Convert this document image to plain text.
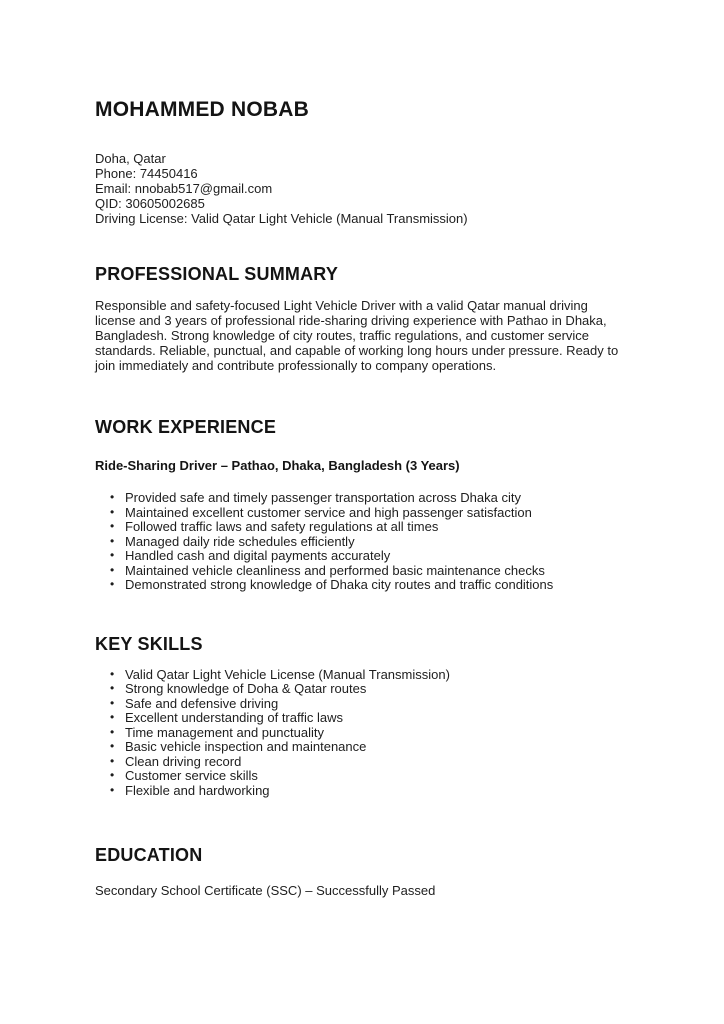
MOHAMMED NOBAB

Doha, Qatar

Phone: 74450416

Email: nnobab517@gmail.com

QID: 30605002685

Driving License: Valid Qatar Light Vehicle (Manual Transmission)

PROFESSIONAL SUMMARY

Responsible and safety-focused Light Vehicle Driver with a valid Qatar manual driving license and 3 years of professional ride-sharing driving experience with Pathao in Dhaka, Bangladesh. Strong knowledge of city routes, traffic regulations, and customer service standards. Reliable, punctual, and capable of working long hours under pressure. Ready to join immediately and contribute professionally to company operations.

WORK EXPERIENCE

Ride-Sharing Driver – Pathao, Dhaka, Bangladesh (3 Years)

• Provided safe and timely passenger transportation across Dhaka city
• Maintained excellent customer service and high passenger satisfaction
• Followed traffic laws and safety regulations at all times
• Managed daily ride schedules efficiently
• Handled cash and digital payments accurately
• Maintained vehicle cleanliness and performed basic maintenance checks
• Demonstrated strong knowledge of Dhaka city routes and traffic conditions
KEY SKILLS
• Valid Qatar Light Vehicle License (Manual Transmission)
• Strong knowledge of Doha & Qatar routes
• Safe and defensive driving
• Excellent understanding of traffic laws
• Time management and punctuality
• Basic vehicle inspection and maintenance
• Clean driving record
• Customer service skills
• Flexible and hardworking
EDUCATION

Secondary School Certificate (SSC) – Successfully Passed
